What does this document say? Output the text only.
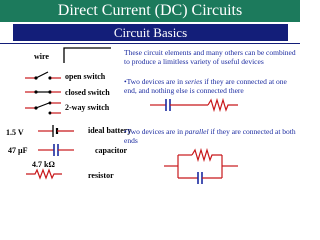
Direct Current (DC) Circuits
Circuit Basics
wire
open switch
closed switch
2-way switch
1.5 V	ideal battery
47 µF	capacitor
4.7 kΩ
resistor

These circuit elements and many others can be combined to produce a limitless variety of useful devices

•Two devices are in series if they are connected at one end, and nothing else is connected there

•Two devices are in parallel if they are connected at both ends
